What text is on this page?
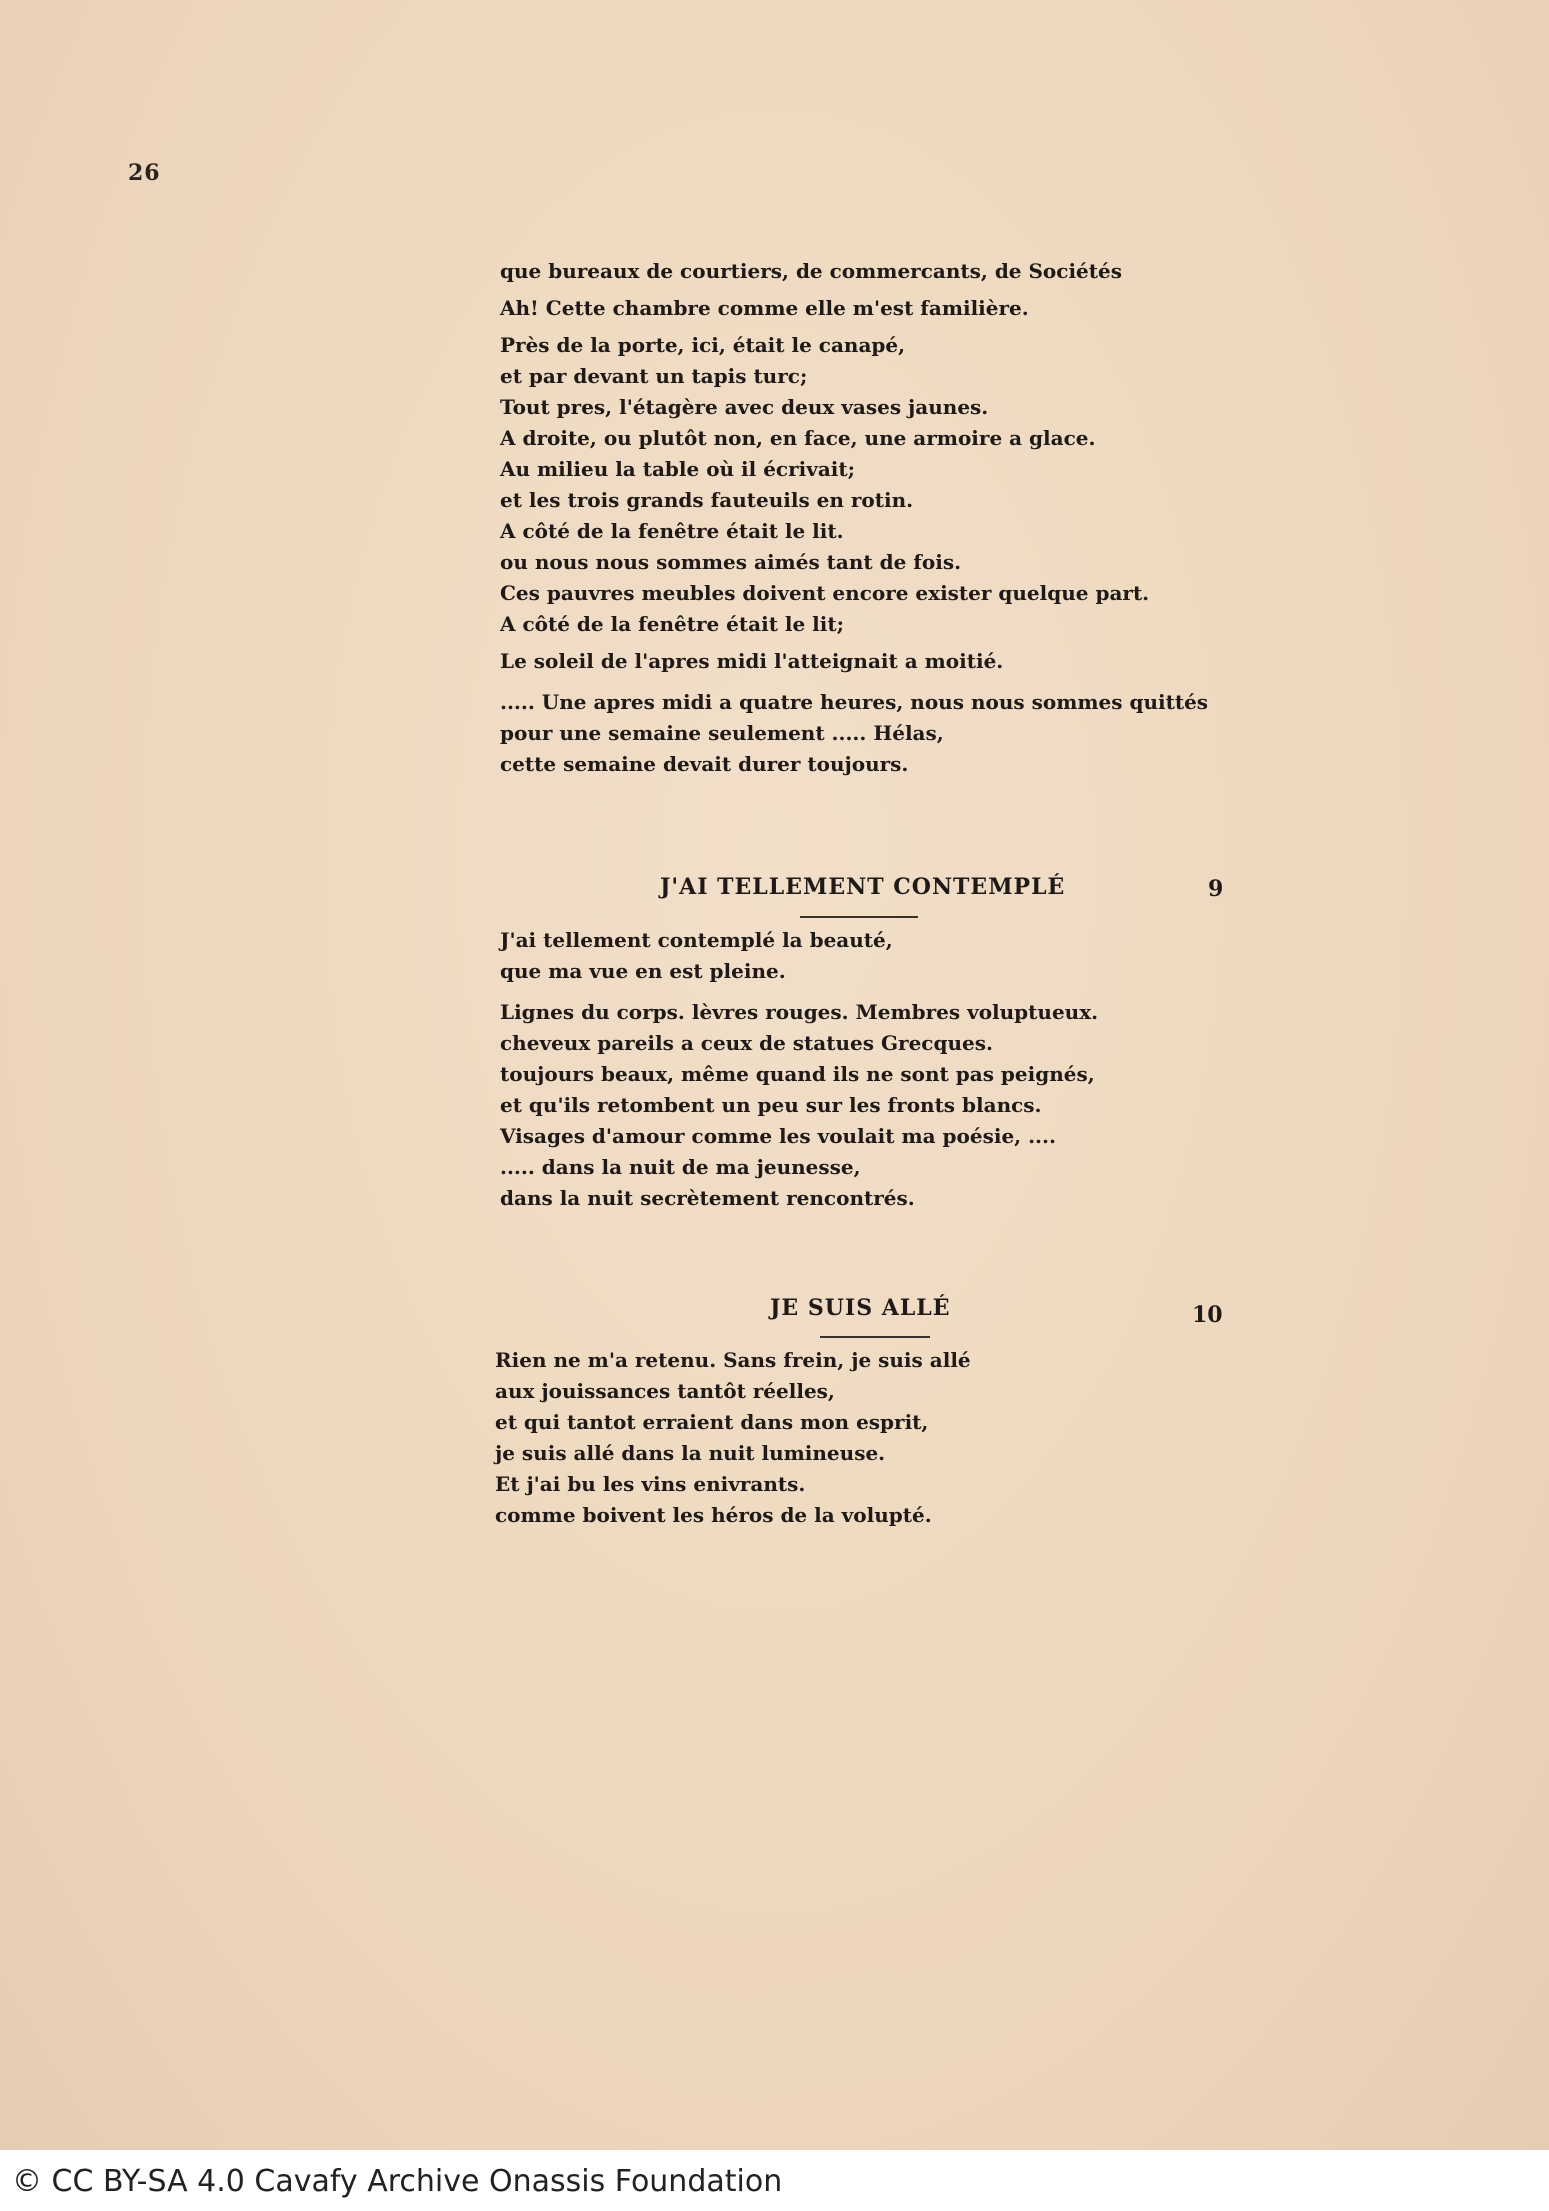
26
que bureaux de courtiers, de commercants, de Sociétés
Ah! Cette chambre comme elle m'est familière.
Près de la porte, ici, était le canapé,
et par devant un tapis turc;
Tout pres, l'étagère avec deux vases jaunes.
A droite, ou plutôt non, en face, une armoire a glace.
Au milieu la table où il écrivait;
et les trois grands fauteuils en rotin.
A côté de la fenêtre était le lit.
ou nous nous sommes aimés tant de fois.
Ces pauvres meubles doivent encore exister quelque part.
A côté de la fenêtre était le lit;
Le soleil de l'apres midi l'atteignait a moitié.
..... Une apres midi a quatre heures, nous nous sommes quittés
pour une semaine seulement ..... Hélas,
cette semaine devait durer toujours.
J'AI TELLEMENT CONTEMPLÉ	9
J'ai tellement contemplé la beauté,
que ma vue en est pleine.
Lignes du corps. lèvres rouges. Membres voluptueux.
cheveux pareils a ceux de statues Grecques.
toujours beaux, même quand ils ne sont pas peignés,
et qu'ils retombent un peu sur les fronts blancs.
Visages d'amour comme les voulait ma poésie, ....
..... dans la nuit de ma jeunesse,
dans la nuit secrètement rencontrés.
JE SUIS ALLÉ	10
Rien ne m'a retenu. Sans frein, je suis allé
aux jouissances tantôt réelles,
et qui tantot erraient dans mon esprit,
je suis allé dans la nuit lumineuse.
Et j'ai bu les vins enivrants.
comme boivent les héros de la volupté.
© CC BY-SA 4.0 Cavafy Archive Onassis Foundation
